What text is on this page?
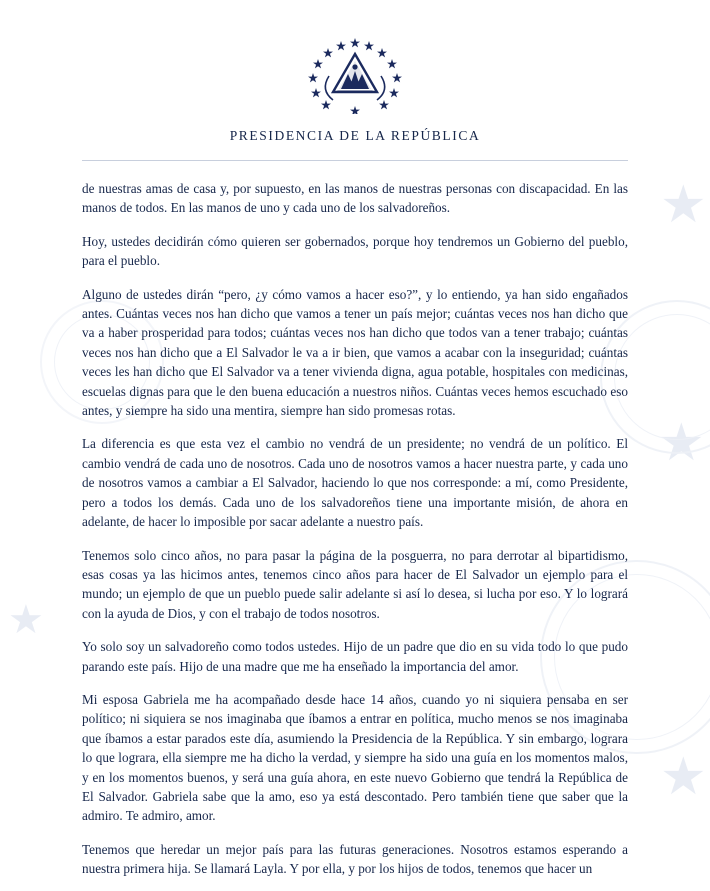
★
★
★
★
PRESIDENCIA DE LA REPÚBLICA

de nuestras amas de casa y, por supuesto, en las manos de nuestras personas con discapacidad. En las manos de todos. En las manos de uno y cada uno de los salvadoreños.

Hoy, ustedes decidirán cómo quieren ser gobernados, porque hoy tendremos un Gobierno del pueblo, para el pueblo.

Alguno de ustedes dirán “pero, ¿y cómo vamos a hacer eso?”, y lo entiendo, ya han sido engañados antes. Cuántas veces nos han dicho que vamos a tener un país mejor; cuántas veces nos han dicho que va a haber prosperidad para todos; cuántas veces nos han dicho que todos van a tener trabajo; cuántas veces nos han dicho que a El Salvador le va a ir bien, que vamos a acabar con la inseguridad; cuántas veces les han dicho que El Salvador va a tener vivienda digna, agua potable, hospitales con medicinas, escuelas dignas para que le den buena educación a nuestros niños. Cuántas veces hemos escuchado eso antes, y siempre ha sido una mentira, siempre han sido promesas rotas.

La diferencia es que esta vez el cambio no vendrá de un presidente; no vendrá de un político. El cambio vendrá de cada uno de nosotros. Cada uno de nosotros vamos a hacer nuestra parte, y cada uno de nosotros vamos a cambiar a El Salvador, haciendo lo que nos corresponde: a mí, como Presidente, pero a todos los demás. Cada uno de los salvadoreños tiene una importante misión, de ahora en adelante, de hacer lo imposible por sacar adelante a nuestro país.

Tenemos solo cinco años, no para pasar la página de la posguerra, no para derrotar al bipartidismo, esas cosas ya las hicimos antes, tenemos cinco años para hacer de El Salvador un ejemplo para el mundo; un ejemplo de que un pueblo puede salir adelante si así lo desea, si lucha por eso. Y lo logrará con la ayuda de Dios, y con el trabajo de todos nosotros.

Yo solo soy un salvadoreño como todos ustedes. Hijo de un padre que dio en su vida todo lo que pudo parando este país. Hijo de una madre que me ha enseñado la importancia del amor.

Mi esposa Gabriela me ha acompañado desde hace 14 años, cuando yo ni siquiera pensaba en ser político; ni siquiera se nos imaginaba que íbamos a entrar en política, mucho menos se nos imaginaba que íbamos a estar parados este día, asumiendo la Presidencia de la República. Y sin embargo, lograra lo que lograra, ella siempre me ha dicho la verdad, y siempre ha sido una guía en los momentos malos, y en los momentos buenos, y será una guía ahora, en este nuevo Gobierno que tendrá la República de El Salvador. Gabriela sabe que la amo, eso ya está descontado. Pero también tiene que saber que la admiro. Te admiro, amor.

Tenemos que heredar un mejor país para las futuras generaciones. Nosotros estamos esperando a nuestra primera hija. Se llamará Layla. Y por ella, y por los hijos de todos, tenemos que hacer un
